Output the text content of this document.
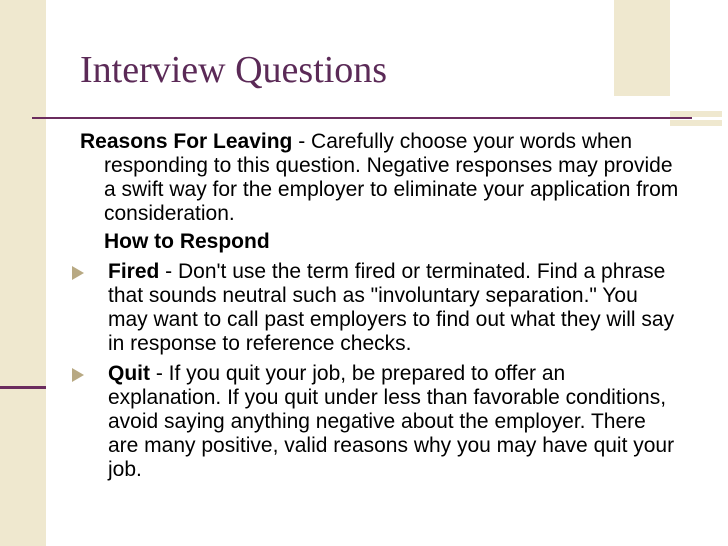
Interview Questions
Reasons For Leaving - Carefully choose your words when responding to this question. Negative responses may provide a swift way for the employer to eliminate your application from consideration.
How to Respond
Fired - Don't use the term fired or terminated. Find a phrase that sounds neutral such as "involuntary separation." You may want to call past employers to find out what they will say in response to reference checks.
Quit - If you quit your job, be prepared to offer an explanation. If you quit under less than favorable conditions, avoid saying anything negative about the employer. There are many positive, valid reasons why you may have quit your job.
